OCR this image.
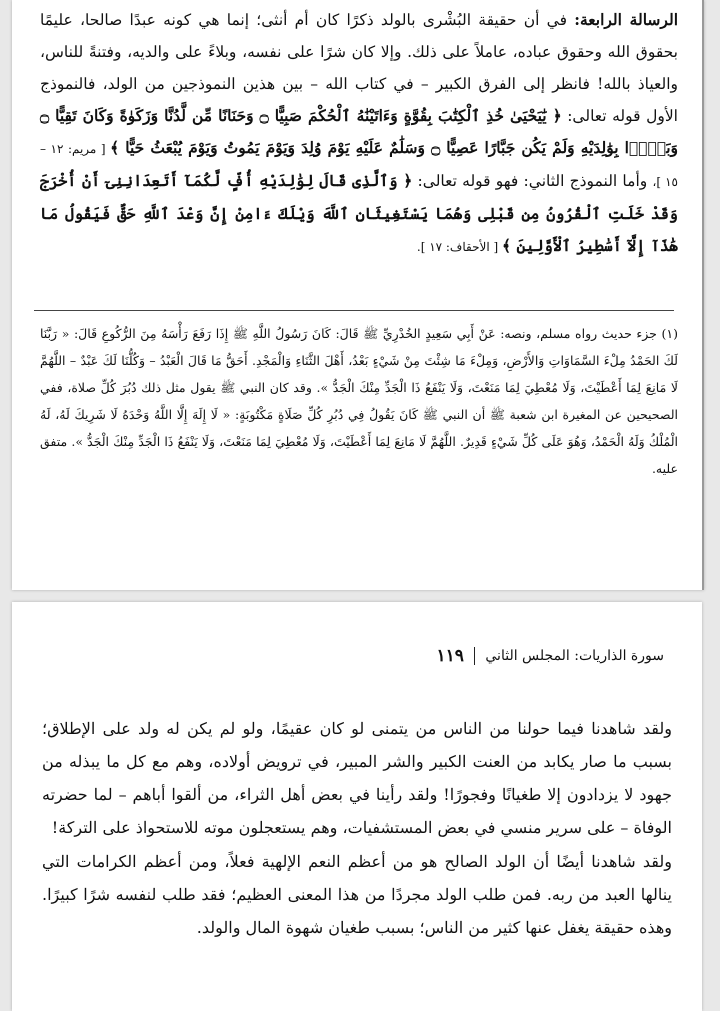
الرسالة الرابعة: في أن حقيقة البُشْرى بالولد ذكرًا كان أم أنثى؛ إنما هي كونه عبدًا صالحا، عليمًا بحقوق الله وحقوق عباده، عاملاً على ذلك. وإلا كان شرًا على نفسه، وبلاءً على والديه، وفتنةً للناس، والعياذ بالله! فانظر إلى الفرق الكبير – في كتاب الله – بين هذين النموذجين من الولد، فالنموذج الأول قوله تعالى: ﴿ يَٰيَحْيَىٰ خُذِ ٱلْكِتَٰبَ بِقُوَّةٍ وَءَاتَيْنَٰهُ ٱلْحُكْمَ صَبِيًّا ۝ وَحَنَانًا مِّن لَّدُنَّا وَزَكَوٰةً وَكَانَ تَقِيًّا ۝ وَبَرًّۢا بِوَٰلِدَيْهِ وَلَمْ يَكُن جَبَّارًا عَصِيًّا ۝ وَسَلَٰمٌ عَلَيْهِ يَوْمَ وُلِدَ وَيَوْمَ يَمُوتُ وَيَوْمَ يُبْعَثُ حَيًّا ﴾ [ مريم: ١٢ – ١٥ ]، وأما النموذج الثاني: فهو قوله تعالى: ﴿ وَٱلَّذِى قَالَ لِوَٰلِدَيْهِ أُفٍّ لَّكُمَآ أَتَعِدَانِنِىٓ أَنْ أُخْرَجَ وَقَدْ خَلَتِ ٱلْقُرُونُ مِن قَبْلِى وَهُمَا يَسْتَغِيثَانِ ٱللَّهَ وَيْلَكَ ءَامِنْ إِنَّ وَعْدَ ٱللَّهِ حَقٌّ فَيَقُولُ مَا هَٰذَآ إِلَّآ أَسَٰطِيرُ ٱلْأَوَّلِينَ ﴾ [ الأحقاف: ١٧ ].

(١) جزء حديث رواه مسلم، ونصه: عَنْ أَبِي سَعِيدٍ الخُدْرِيِّ ﷺ قَالَ: كَانَ رَسُولُ اللَّهِ ﷺ إِذَا رَفَعَ رَأْسَهُ مِنَ الرُّكُوعِ قَالَ: « رَبَّنَا لَكَ الحَمْدُ مِلْءَ السَّمَاوَاتِ وَالأَرْضِ، وَمِلْءَ مَا شِئْتَ مِنْ شَيْءٍ بَعْدُ، أَهْلَ الثَّنَاءِ وَالْمَجْدِ. أَحَقُّ مَا قَالَ الْعَبْدُ – وَكُلُّنَا لَكَ عَبْدٌ – اللَّهُمَّ لَا مَانِعَ لِمَا أَعْطَيْتَ، وَلَا مُعْطِيَ لِمَا مَنَعْتَ، وَلَا يَنْفَعُ ذَا الْجَدِّ مِنْكَ الْجَدُّ ». وقد كان النبي ﷺ يقول مثل ذلك دُبُرَ كُلِّ صلاة، ففي الصحيحين عن المغيرة ابن شعبة ﷺ أن النبي ﷺ كَانَ يَقُولُ فِي دُبُرِ كُلِّ صَلَاةٍ مَكْتُوبَةٍ: « لَا إِلَهَ إِلَّا اللَّهُ وَحْدَهُ لَا شَرِيكَ لَهُ، لَهُ الْمُلْكُ وَلَهُ الْحَمْدُ، وَهُوَ عَلَى كُلِّ شَيْءٍ قَدِيرٌ. اللَّهُمَّ لَا مَانِعَ لِمَا أَعْطَيْتَ، وَلَا مُعْطِيَ لِمَا مَنَعْتَ، وَلَا يَنْفَعُ ذَا الْجَدِّ مِنْكَ الْجَدُّ ». متفق عليه.

سورة الذاريات: المجلس الثاني
١١٩

ولقد شاهدنا فيما حولنا من الناس من يتمنى لو كان عقيمًا، ولو لم يكن له ولد على الإطلاق؛ بسبب ما صار يكابد من العنت الكبير والشر المبير، في ترويض أولاده، وهم مع كل ما يبذله من جهود لا يزدادون إلا طغيانًا وفجورًا! ولقد رأينا في بعض أهل الثراء، من ألقوا أباهم – لما حضرته الوفاة – على سرير منسي في بعض المستشفيات، وهم يستعجلون موته للاستحواذ على التركة!

ولقد شاهدنا أيضًا أن الولد الصالح هو من أعظم النعم الإلهية فعلاً، ومن أعظم الكرامات التي ينالها العبد من ربه. فمن طلب الولد مجردًا من هذا المعنى العظيم؛ فقد طلب لنفسه شرًا كبيرًا. وهذه حقيقة يغفل عنها كثير من الناس؛ بسبب طغيان شهوة المال والولد.
